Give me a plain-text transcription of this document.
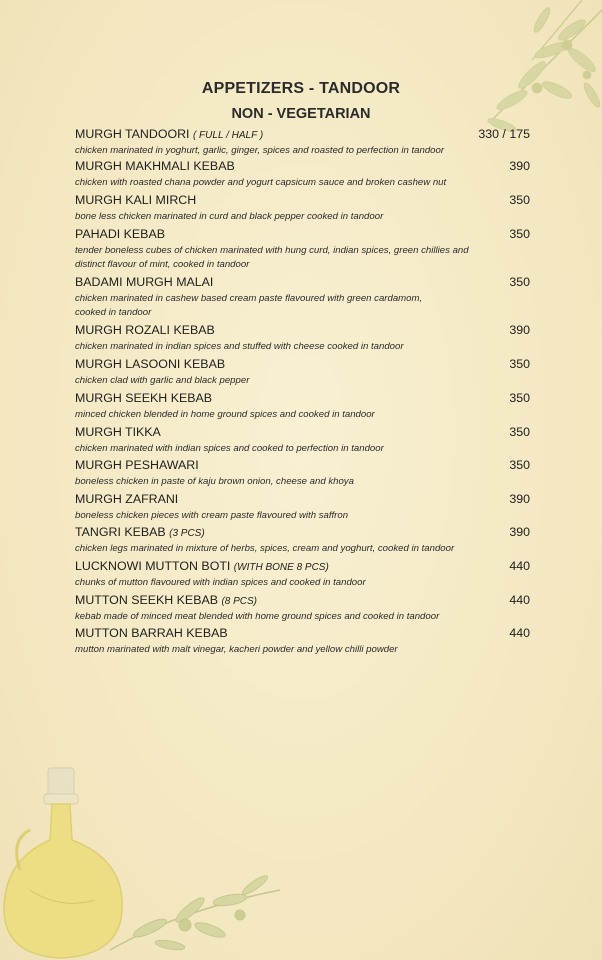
APPETIZERS - TANDOOR
NON - VEGETARIAN
MURGH TANDOORI ( FULL / HALF )	330 / 175
chicken marinated in yoghurt, garlic, ginger, spices and roasted to perfection in tandoor
MURGH MAKHMALI KEBAB	390
chicken with roasted chana powder and yogurt capsicum sauce and broken cashew nut
MURGH KALI MIRCH	350
bone less chicken marinated in curd and black pepper cooked in tandoor
PAHADI KEBAB	350
tender boneless cubes of chicken marinated with hung curd, indian spices, green chillies and distinct flavour of mint, cooked in tandoor
BADAMI MURGH MALAI	350
chicken marinated in cashew based cream paste flavoured with green cardamom, cooked in tandoor
MURGH ROZALI KEBAB	390
chicken marinated in indian spices and stuffed with cheese cooked in tandoor
MURGH LASOONI KEBAB	350
chicken clad with garlic and black pepper
MURGH SEEKH KEBAB	350
minced chicken blended in home ground spices and cooked in tandoor
MURGH TIKKA	350
chicken marinated with indian spices and cooked to perfection in tandoor
MURGH PESHAWARI	350
boneless chicken in paste of kaju brown onion, cheese and khoya
MURGH ZAFRANI	390
boneless chicken pieces with cream paste flavoured with saffron
TANGRI KEBAB (3 PCS)	390
chicken legs marinated in mixture of herbs, spices, cream and yoghurt, cooked in tandoor
LUCKNOWI MUTTON BOTI (WITH BONE 8 PCS)	440
chunks of mutton flavoured with indian spices and cooked in tandoor
MUTTON SEEKH KEBAB (8 PCS)	440
kebab made of minced meat blended with home ground spices and cooked in tandoor
MUTTON BARRAH KEBAB	440
mutton marinated with malt vinegar, kacheri powder and yellow chilli powder
